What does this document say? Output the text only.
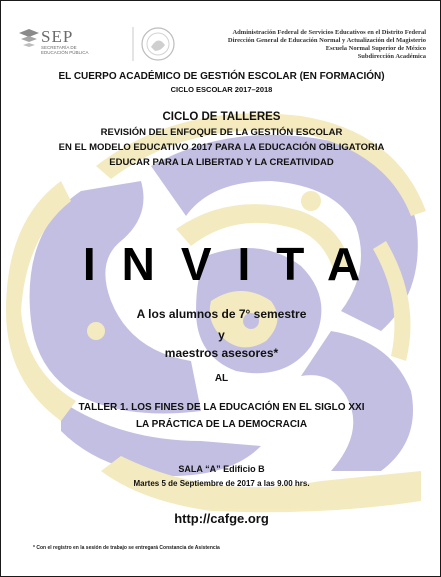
SEP
SECRETARÍA DE EDUCACIÓN PÚBLICA
Administración Federal de Servicios Educativos en el Distrito Federal
Dirección General de Educación Normal y Actualización del Magisterio
Escuela Normal Superior de México
Subdirección Académica
EL CUERPO ACADÉMICO DE GESTIÓN ESCOLAR (EN FORMACIÓN)
CICLO ESCOLAR 2017–2018
CICLO DE TALLERES
REVISIÓN DEL ENFOQUE DE LA GESTIÓN ESCOLAR
EN EL MODELO EDUCATIVO 2017 PARA LA EDUCACIÓN OBLIGATORIA
EDUCAR PARA LA LIBERTAD Y LA CREATIVIDAD
INVITA
A los alumnos de 7° semestre
y
maestros asesores*
AL
TALLER 1. LOS FINES DE LA EDUCACIÓN EN EL SIGLO XXI
LA PRÁCTICA DE LA DEMOCRACIA
SALA “A” Edificio B
Martes 5 de Septiembre de 2017 a las 9.00 hrs.
http://cafge.org
* Con el registro en la sesión de trabajo se entregará Constancia de Asistencia
